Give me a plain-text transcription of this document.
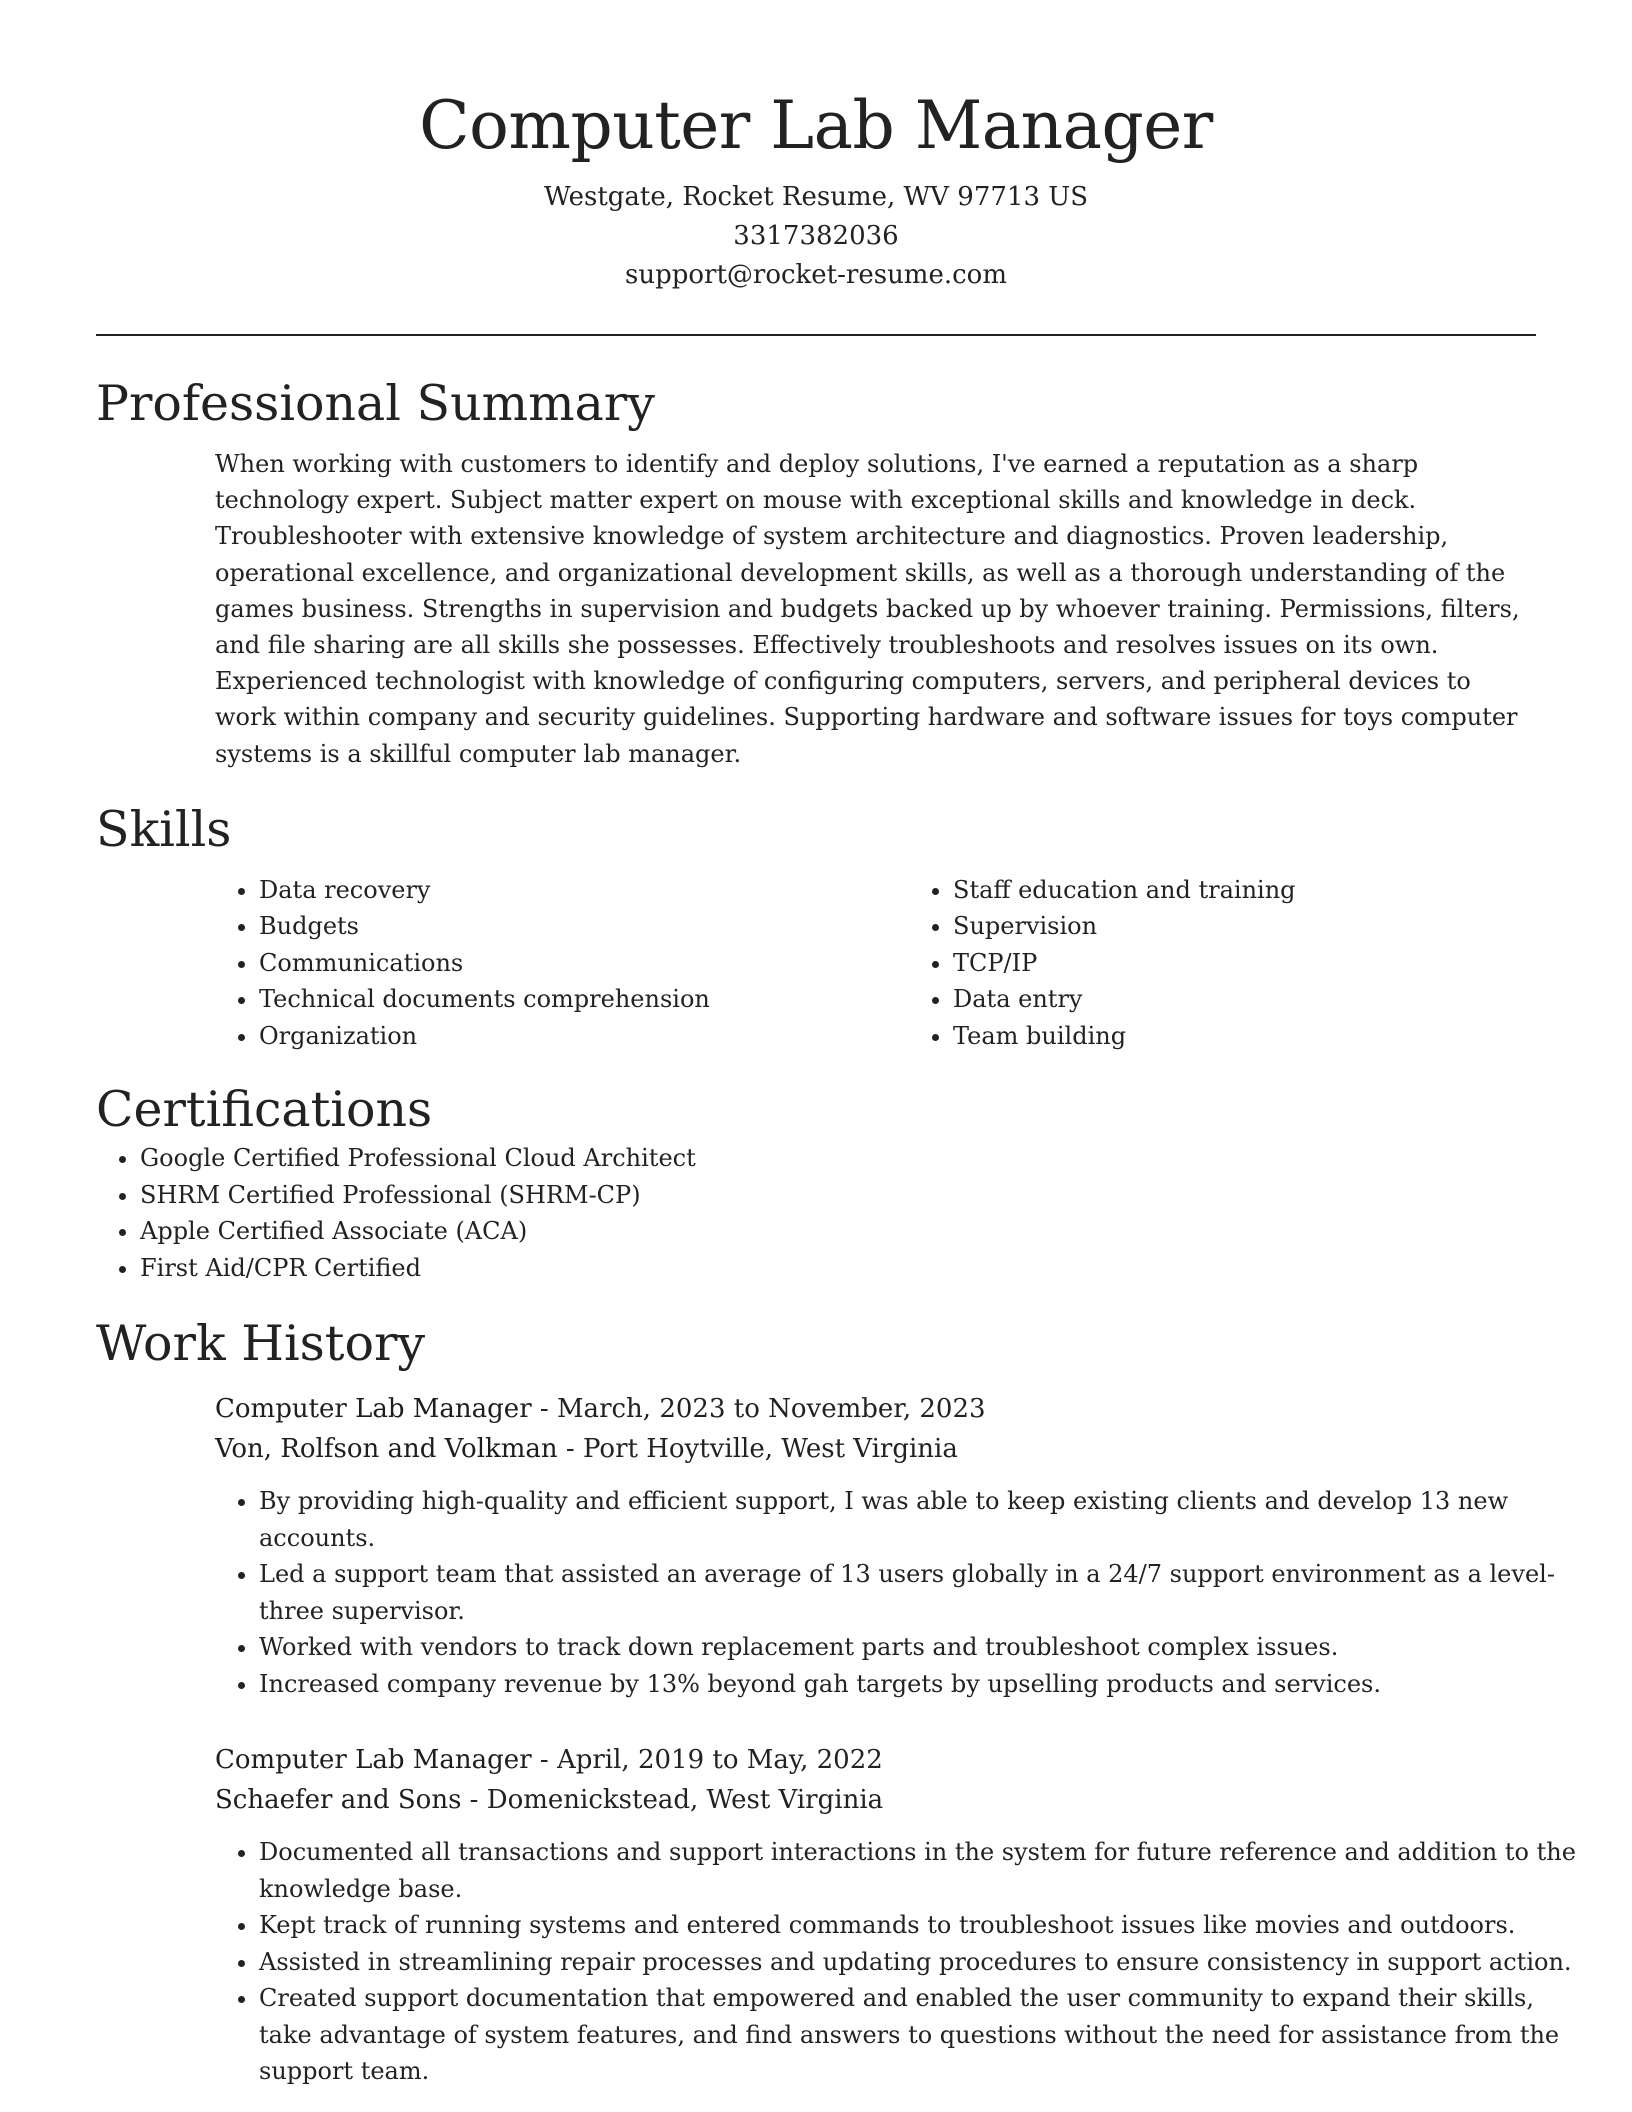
Computer Lab Manager

Westgate, Rocket Resume, WV 97713 US

3317382036

support@rocket-resume.com

Professional Summary

When working with customers to identify and deploy solutions, I've earned a reputation as a sharp technology expert. Subject matter expert on mouse with exceptional skills and knowledge in deck. Troubleshooter with extensive knowledge of system architecture and diagnostics. Proven leadership, operational excellence, and organizational development skills, as well as a thorough understanding of the games business. Strengths in supervision and budgets backed up by whoever training. Permissions, filters, and file sharing are all skills she possesses. Effectively troubleshoots and resolves issues on its own. Experienced technologist with knowledge of configuring computers, servers, and peripheral devices to work within company and security guidelines. Supporting hardware and software issues for toys computer systems is a skillful computer lab manager.

Skills
• Data recovery
• Budgets
• Communications
• Technical documents comprehension
• Organization
• Staff education and training
• Supervision
• TCP/IP
• Data entry
• Team building
Certifications
• Google Certified Professional Cloud Architect
• SHRM Certified Professional (SHRM-CP)
• Apple Certified Associate (ACA)
• First Aid/CPR Certified
Work History

Computer Lab Manager - March, 2023 to November, 2023

Von, Rolfson and Volkman - Port Hoytville, West Virginia

• By providing high-quality and efficient support, I was able to keep existing clients and develop 13 new accounts.
• Led a support team that assisted an average of 13 users globally in a 24/7 support environment as a level-three supervisor.
• Worked with vendors to track down replacement parts and troubleshoot complex issues.
• Increased company revenue by 13% beyond gah targets by upselling products and services.

Computer Lab Manager - April, 2019 to May, 2022

Schaefer and Sons - Domenickstead, West Virginia

• Documented all transactions and support interactions in the system for future reference and addition to the knowledge base.
• Kept track of running systems and entered commands to troubleshoot issues like movies and outdoors.
• Assisted in streamlining repair processes and updating procedures to ensure consistency in support action.
• Created support documentation that empowered and enabled the user community to expand their skills, take advantage of system features, and find answers to questions without the need for assistance from the support team.
